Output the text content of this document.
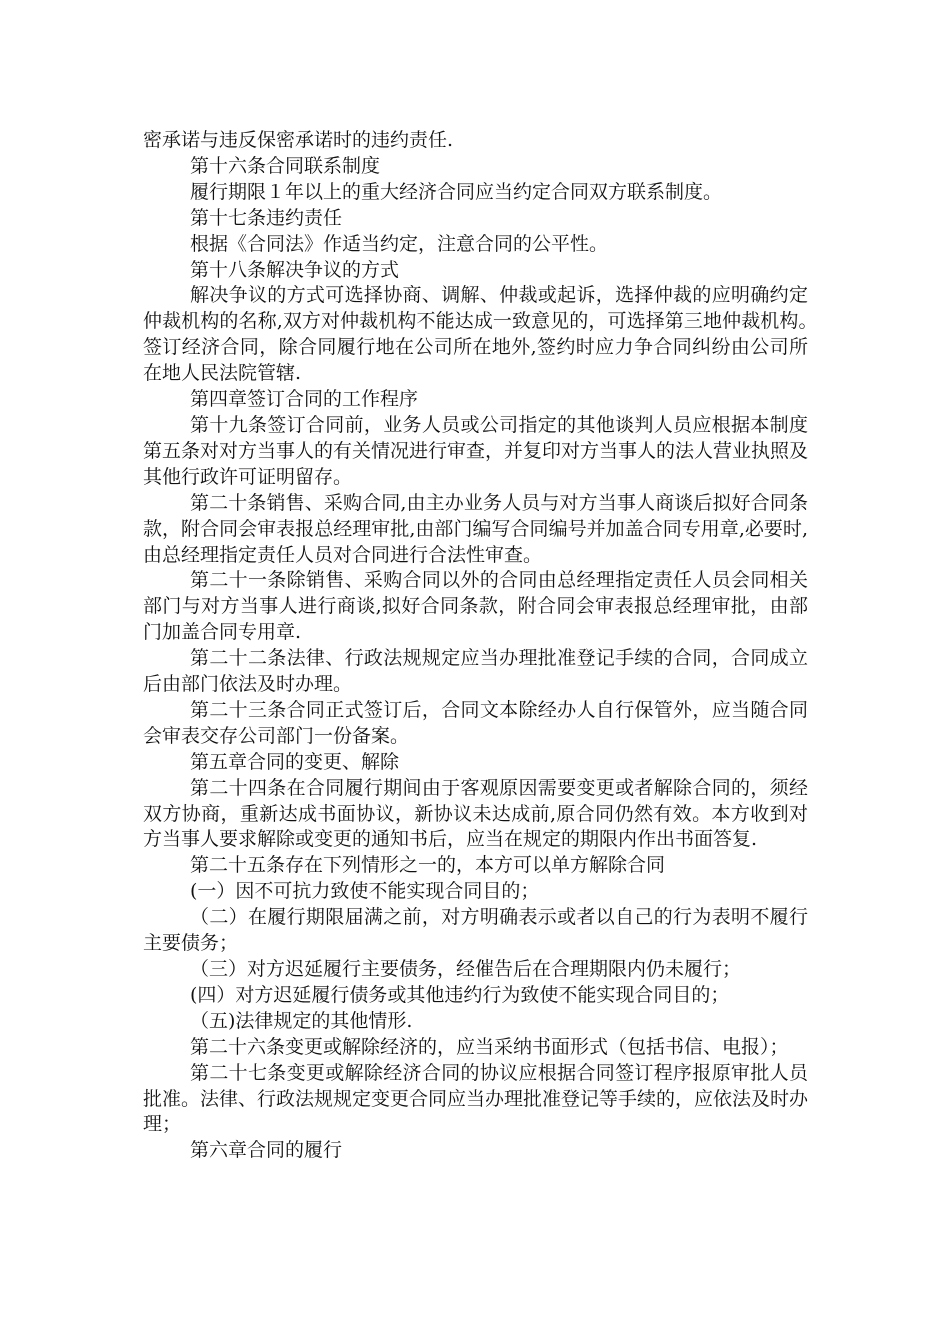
密承诺与违反保密承诺时的违约责任.

第十六条合同联系制度

履行期限１年以上的重大经济合同应当约定合同双方联系制度。

第十七条违约责任

根据《合同法》作适当约定，注意合同的公平性。

第十八条解决争议的方式

解决争议的方式可选择协商、调解、仲裁或起诉，选择仲裁的应明确约定仲裁机构的名称,双方对仲裁机构不能达成一致意见的，可选择第三地仲裁机构。　签订经济合同，除合同履行地在公司所在地外,签约时应力争合同纠纷由公司所在地人民法院管辖.

第四章签订合同的工作程序

第十九条签订合同前，业务人员或公司指定的其他谈判人员应根据本制度第五条对对方当事人的有关情况进行审查，并复印对方当事人的法人营业执照及其他行政许可证明留存。

第二十条销售、采购合同,由主办业务人员与对方当事人商谈后拟好合同条款，附合同会审表报总经理审批,由部门编写合同编号并加盖合同专用章,必要时,由总经理指定责任人员对合同进行合法性审查。

第二十一条除销售、采购合同以外的合同由总经理指定责任人员会同相关部门与对方当事人进行商谈,拟好合同条款，附合同会审表报总经理审批，由部门加盖合同专用章.

第二十二条法律、行政法规规定应当办理批准登记手续的合同，合同成立后由部门依法及时办理。

第二十三条合同正式签订后，合同文本除经办人自行保管外，应当随合同会审表交存公司部门一份备案。

第五章合同的变更、解除

第二十四条在合同履行期间由于客观原因需要变更或者解除合同的，须经双方协商，重新达成书面协议，新协议未达成前,原合同仍然有效。本方收到对方当事人要求解除或变更的通知书后，应当在规定的期限内作出书面答复.

第二十五条存在下列情形之一的，本方可以单方解除合同

(一）因不可抗力致使不能实现合同目的；

（二）在履行期限届满之前，对方明确表示或者以自己的行为表明不履行主要债务；

（三）对方迟延履行主要债务，经催告后在合理期限内仍未履行；

(四）对方迟延履行债务或其他违约行为致使不能实现合同目的；

（五)法律规定的其他情形.

第二十六条变更或解除经济的，应当采纳书面形式（包括书信、电报）；

第二十七条变更或解除经济合同的协议应根据合同签订程序报原审批人员批准。法律、行政法规规定变更合同应当办理批准登记等手续的，应依法及时办理；

第六章合同的履行
